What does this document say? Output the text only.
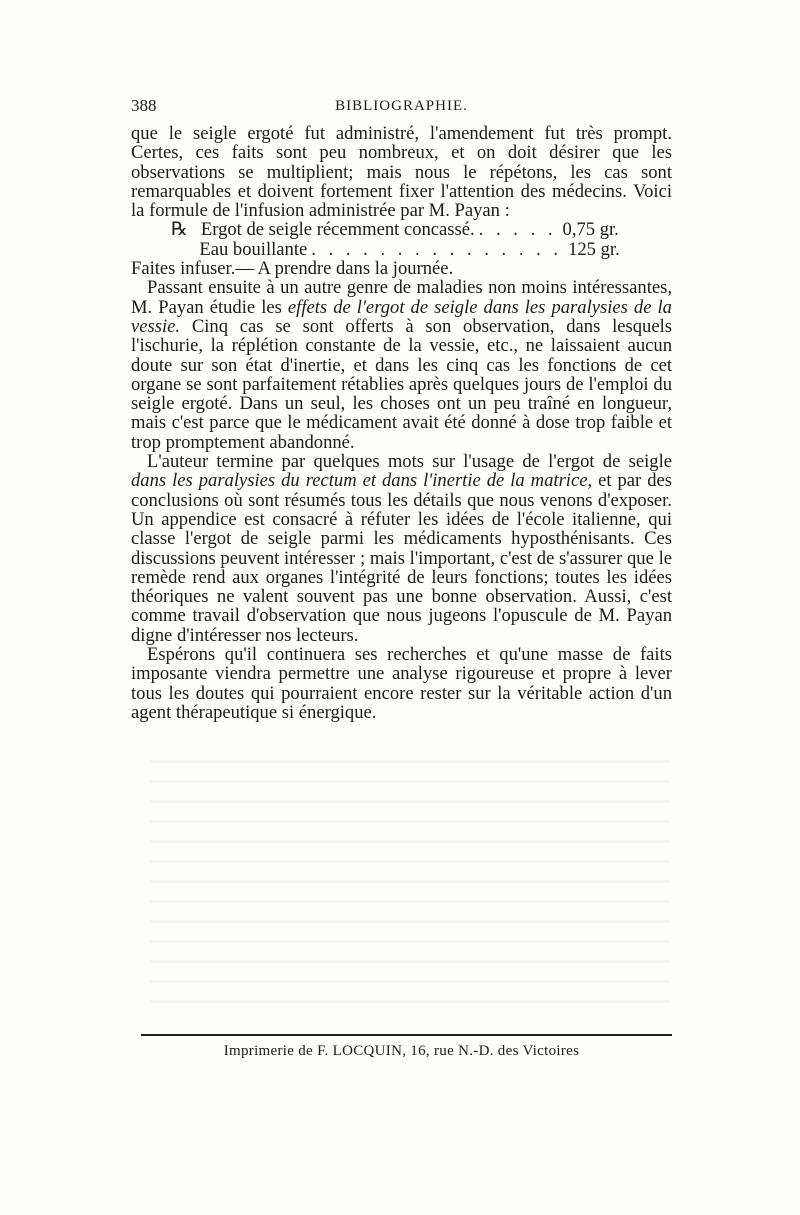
388	BIBLIOGRAPHIE.

que le seigle ergoté fut administré, l'amendement fut très prompt. Certes, ces faits sont peu nombreux, et on doit désirer que les observations se multiplient; mais nous le répétons, les cas sont remarquables et doivent fortement fixer l'attention des médecins. Voici la formule de l'infusion administrée par M. Payan :

℞ Ergot de seigle récemment concassé. . . . . . 0,75 gr.
Eau bouillante . . . . . . . . . . . . . . . 125 gr.

Faites infuser.— A prendre dans la journée.

Passant ensuite à un autre genre de maladies non moins intéressantes, M. Payan étudie les effets de l'ergot de seigle dans les paralysies de la vessie. Cinq cas se sont offerts à son observation, dans lesquels l'ischurie, la réplétion constante de la vessie, etc., ne laissaient aucun doute sur son état d'inertie, et dans les cinq cas les fonctions de cet organe se sont parfaitement rétablies après quelques jours de l'emploi du seigle ergoté. Dans un seul, les choses ont un peu traîné en longueur, mais c'est parce que le médicament avait été donné à dose trop faible et trop promptement abandonné.

L'auteur termine par quelques mots sur l'usage de l'ergot de seigle dans les paralysies du rectum et dans l'inertie de la matrice, et par des conclusions où sont résumés tous les détails que nous venons d'exposer. Un appendice est consacré à réfuter les idées de l'école italienne, qui classe l'ergot de seigle parmi les médicaments hyposthénisants. Ces discussions peuvent intéresser ; mais l'important, c'est de s'assurer que le remède rend aux organes l'intégrité de leurs fonctions; toutes les idées théoriques ne valent souvent pas une bonne observation. Aussi, c'est comme travail d'observation que nous jugeons l'opuscule de M. Payan digne d'intéresser nos lecteurs.

Espérons qu'il continuera ses recherches et qu'une masse de faits imposante viendra permettre une analyse rigoureuse et propre à lever tous les doutes qui pourraient encore rester sur la véritable action d'un agent thérapeutique si énergique.

Imprimerie de F. LOCQUIN, 16, rue N.-D. des Victoires
